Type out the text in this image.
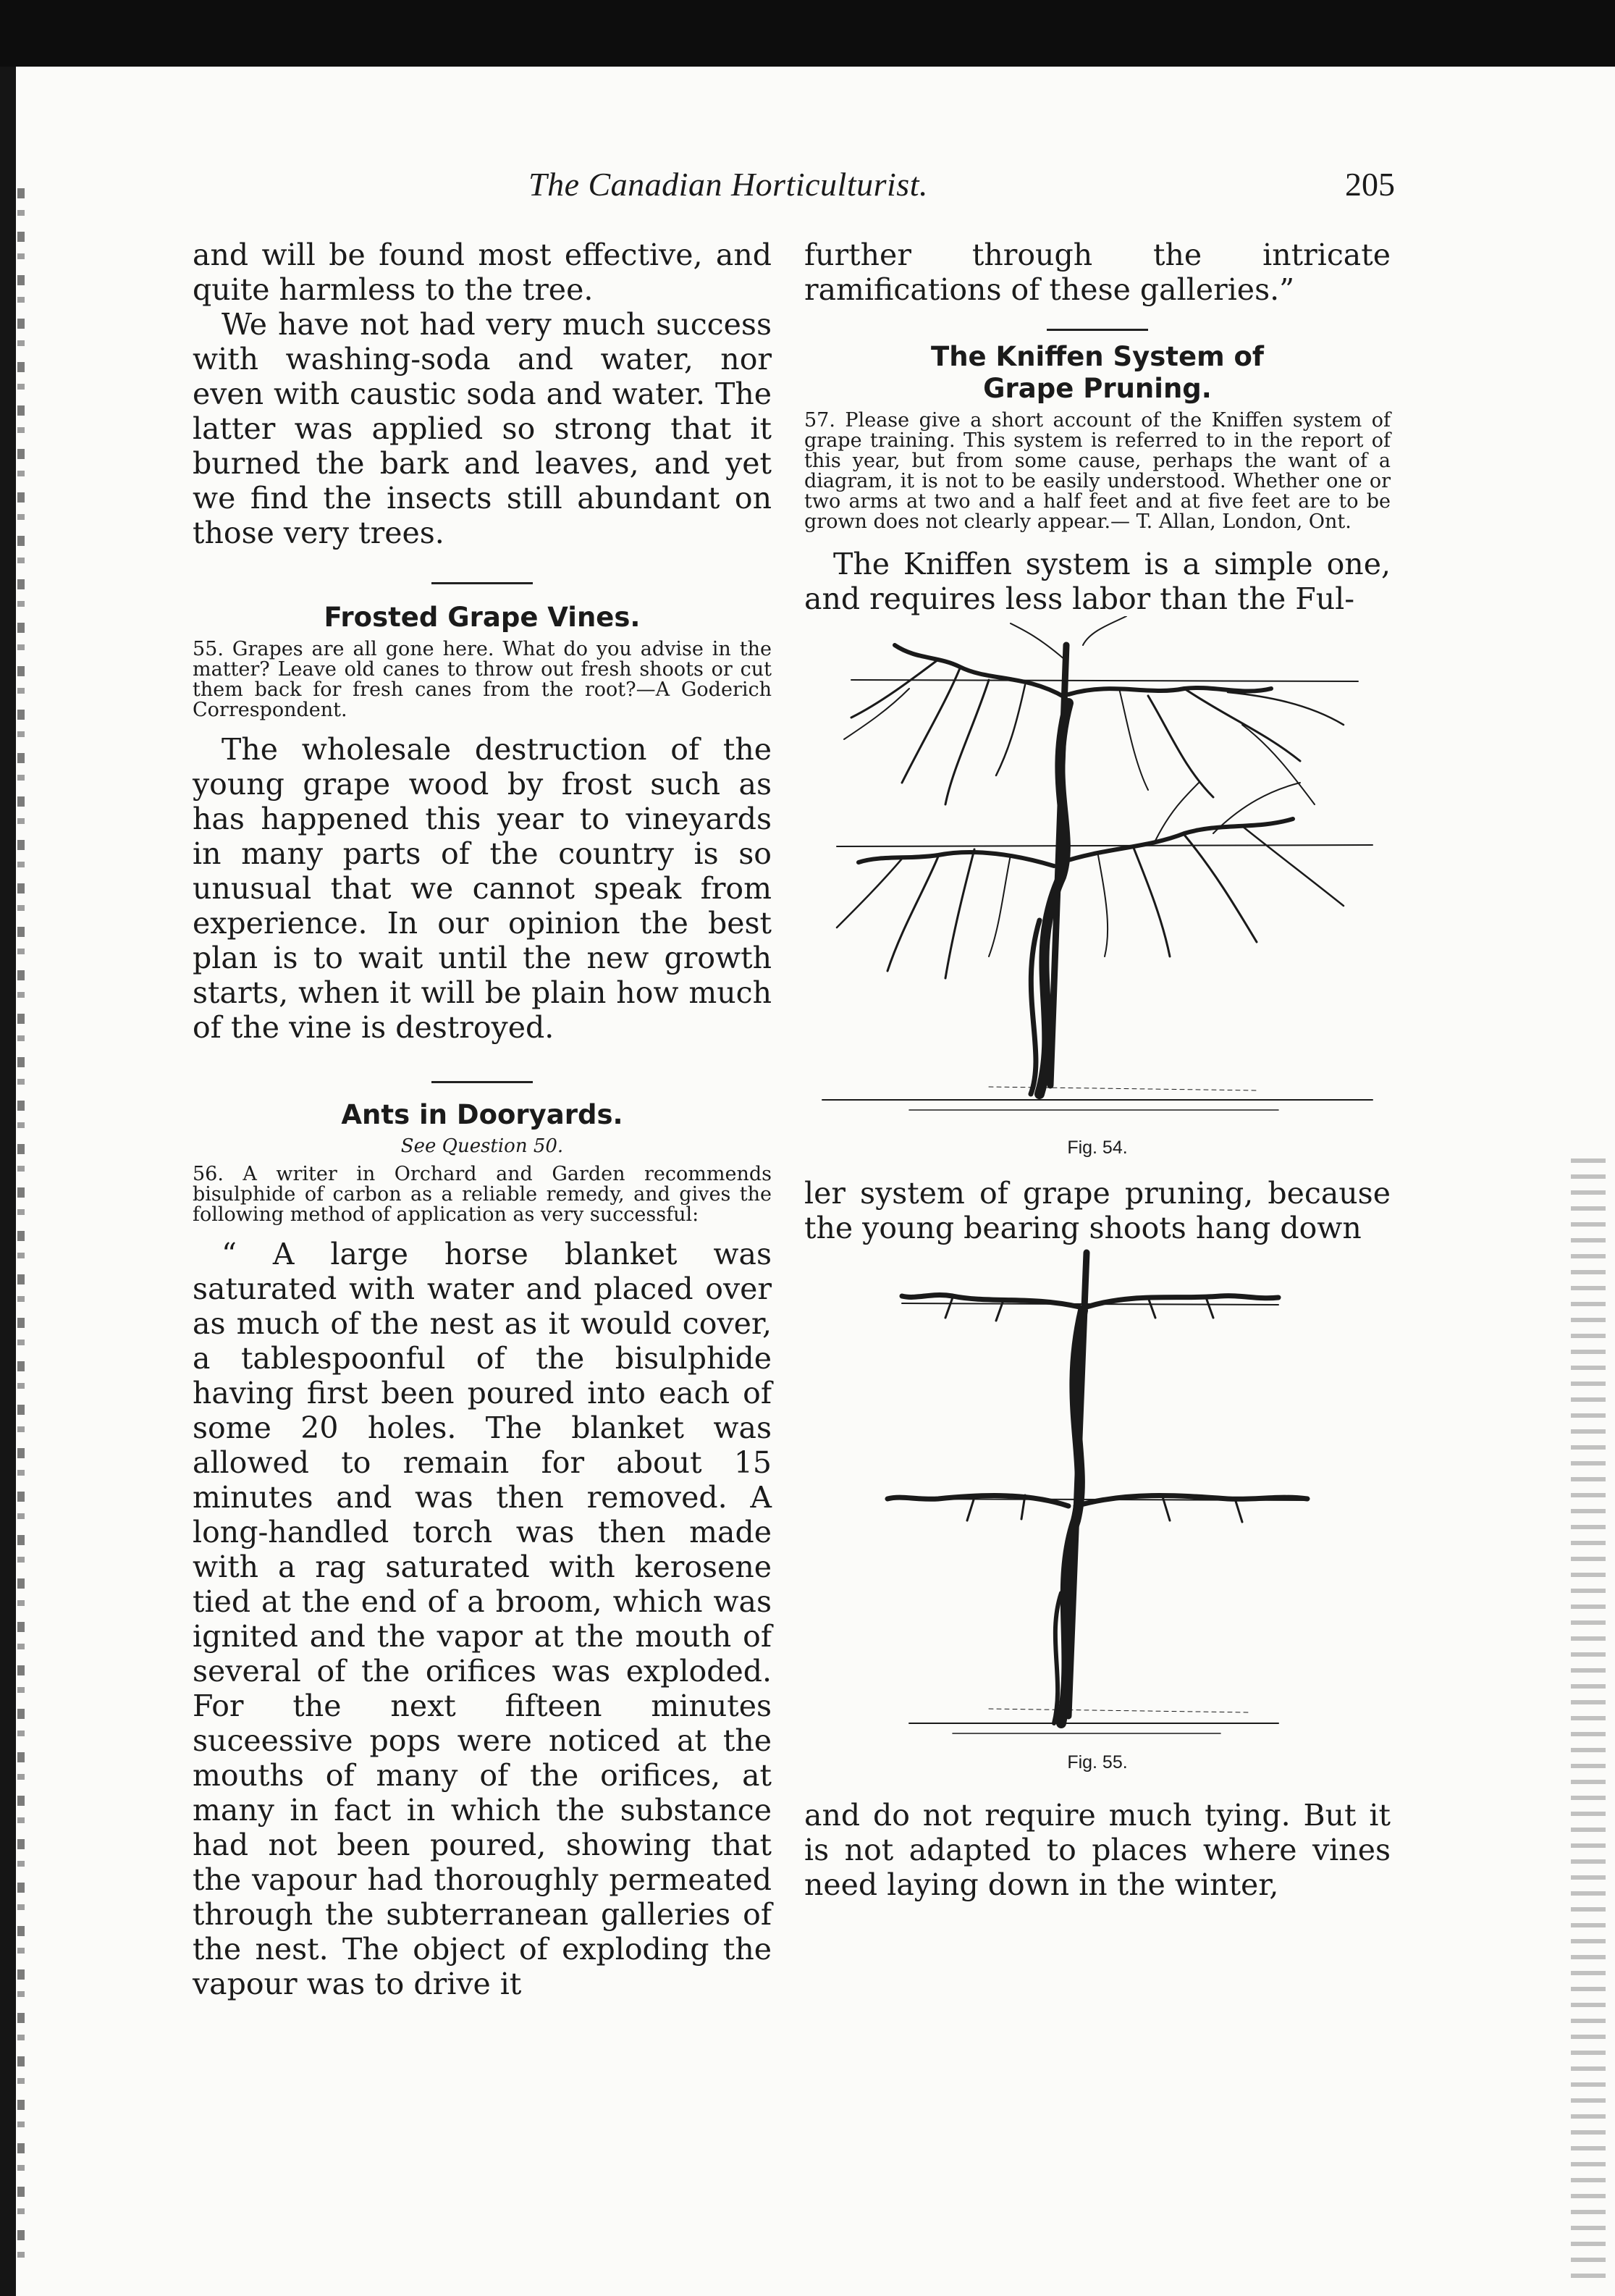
The Canadian Horticulturist.	205

and will be found most effective, and quite harmless to the tree.

We have not had very much success with washing-soda and water, nor even with caustic soda and water. The latter was applied so strong that it burned the bark and leaves, and yet we find the insects still abundant on those very trees.

Frosted Grape Vines.

55. Grapes are all gone here. What do you advise in the matter? Leave old canes to throw out fresh shoots or cut them back for fresh canes from the root?—A Goderich Correspondent.

The wholesale destruction of the young grape wood by frost such as has happened this year to vineyards in many parts of the country is so unusual that we cannot speak from experience. In our opinion the best plan is to wait until the new growth starts, when it will be plain how much of the vine is destroyed.

Ants in Dooryards.
See Question 50.

56. A writer in Orchard and Garden recommends bisulphide of carbon as a reliable remedy, and gives the following method of application as very successful:

“ A large horse blanket was saturated with water and placed over as much of the nest as it would cover, a tablespoonful of the bisulphide having first been poured into each of some 20 holes. The blanket was allowed to remain for about 15 minutes and was then removed. A long-handled torch was then made with a rag saturated with kerosene tied at the end of a broom, which was ignited and the vapor at the mouth of several of the orifices was exploded. For the next fifteen minutes suceessive pops were noticed at the mouths of many of the orifices, at many in fact in which the substance had not been poured, showing that the vapour had thoroughly permeated through the subterranean galleries of the nest. The object of exploding the vapour was to drive it

further through the intricate ramifications of these galleries.”

The Kniffen System of Grape Pruning.

57. Please give a short account of the Kniffen system of grape training. This system is referred to in the report of this year, but from some cause, perhaps the want of a diagram, it is not to be easily understood. Whether one or two arms at two and a half feet and at five feet are to be grown does not clearly appear.— T. Allan, London, Ont.

The Kniffen system is a simple one, and requires less labor than the Ful-

Fig. 54.

ler system of grape pruning, because the young bearing shoots hang down

Fig. 55.

and do not require much tying. But it is not adapted to places where vines need laying down in the winter,
